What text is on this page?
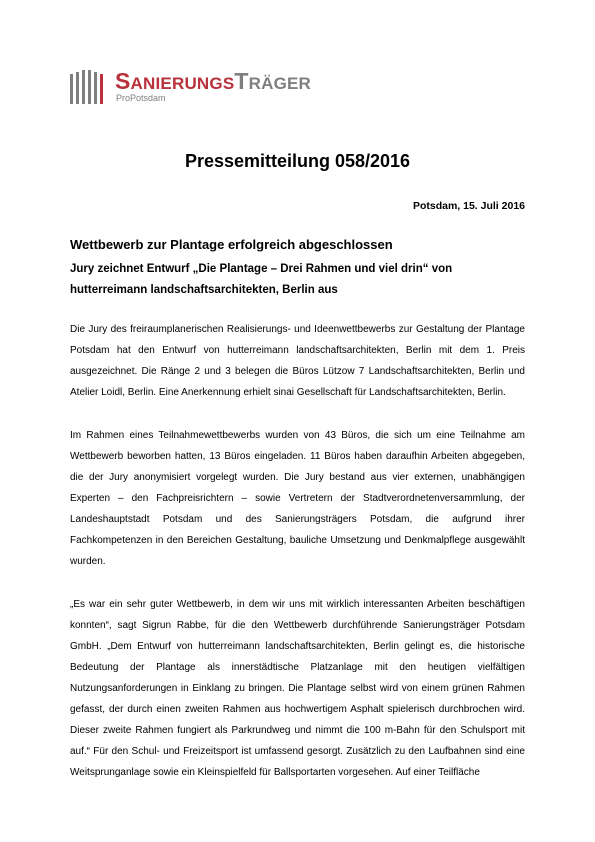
SANIERUNGSTRÄGER
ProPotsdam
Pressemitteilung 058/2016
Potsdam, 15. Juli 2016
Wettbewerb zur Plantage erfolgreich abgeschlossen
Jury zeichnet Entwurf „Die Plantage – Drei Rahmen und viel drin“ von hutterreimann landschaftsarchitekten, Berlin aus

Die Jury des freiraumplanerischen Realisierungs- und Ideenwettbewerbs zur Gestaltung der Plantage Potsdam hat den Entwurf von hutterreimann landschaftsarchitekten, Berlin mit dem 1. Preis ausgezeichnet. Die Ränge 2 und 3 belegen die Büros Lützow 7 Landschaftsarchitekten, Berlin und Atelier Loidl, Berlin. Eine Anerkennung erhielt sinai Gesellschaft für Landschaftsarchitekten, Berlin.

Im Rahmen eines Teilnahmewettbewerbs wurden von 43 Büros, die sich um eine Teilnahme am Wettbewerb beworben hatten, 13 Büros eingeladen. 11 Büros haben daraufhin Arbeiten abgegeben, die der Jury anonymisiert vorgelegt wurden. Die Jury bestand aus vier externen, unabhängigen Experten – den Fachpreisrichtern – sowie Vertretern der Stadtverordnetenversammlung, der Landeshauptstadt Potsdam und des Sanierungsträgers Potsdam, die aufgrund ihrer Fachkompetenzen in den Bereichen Gestaltung, bauliche Umsetzung und Denkmalpflege ausgewählt wurden.

„Es war ein sehr guter Wettbewerb, in dem wir uns mit wirklich interessanten Arbeiten beschäftigen konnten“, sagt Sigrun Rabbe, für die den Wettbewerb durchführende Sanierungsträger Potsdam GmbH. „Dem Entwurf von hutterreimann landschaftsarchitekten, Berlin gelingt es, die historische Bedeutung der Plantage als innerstädtische Platzanlage mit den heutigen vielfältigen Nutzungsanforderungen in Einklang zu bringen. Die Plantage selbst wird von einem grünen Rahmen gefasst, der durch einen zweiten Rahmen aus hochwertigem Asphalt spielerisch durchbrochen wird. Dieser zweite Rahmen fungiert als Parkrundweg und nimmt die 100 m-Bahn für den Schulsport mit auf.“ Für den Schul- und Freizeitsport ist umfassend gesorgt. Zusätzlich zu den Laufbahnen sind eine Weitsprunganlage sowie ein Kleinspielfeld für Ballsportarten vorgesehen. Auf einer Teilfläche
